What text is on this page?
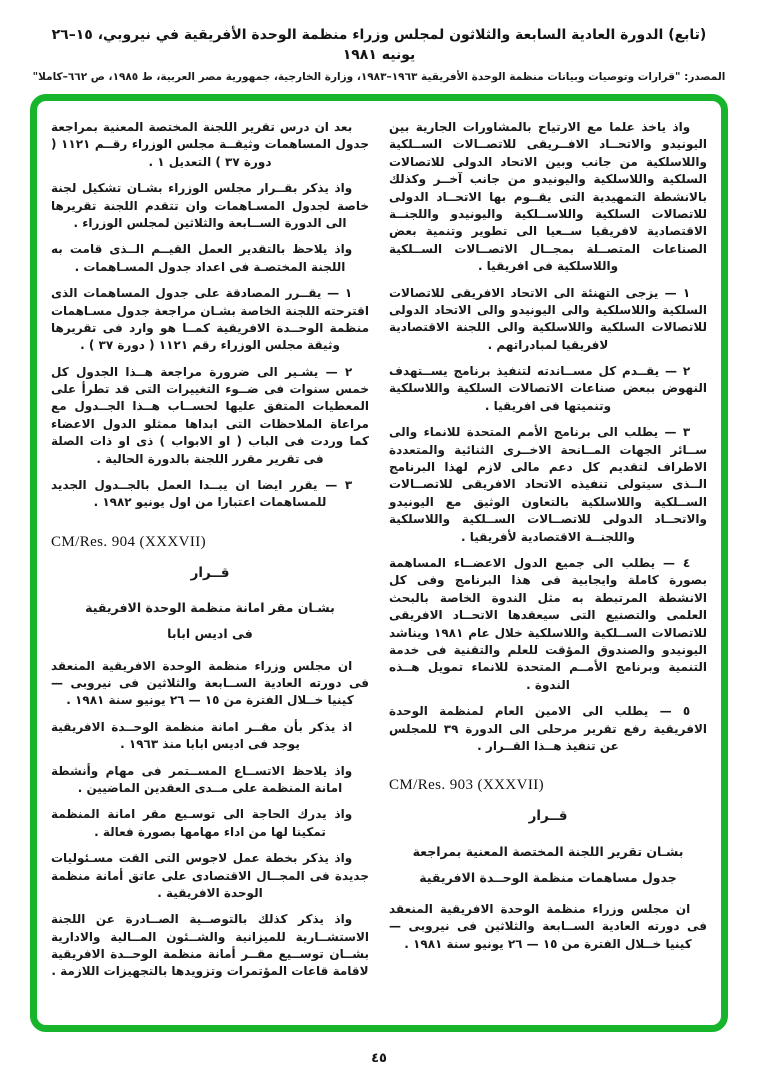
(تابع) الدورة العادية السابعة والثلاثون لمجلس وزراء منظمة الوحدة الأفريقية في نيروبي، ١٥–٢٦ يونيه ١٩٨١
المصدر: "قرارات وتوصيات وبيانات منظمة الوحدة الأفريقية ١٩٦٣–١٩٨٣، وزارة الخارجية، جمهورية مصر العربية، ط ١٩٨٥، ص ٦٦٢–كاملا"

واذ ياخذ علما مع الارتياح بالمشاورات الجارية بين اليونيدو والاتحــاد الافــريقى للاتصــالات الســلكية واللاسلكية من جانب وبين الاتحاد الدولى للاتصالات السلكية واللاسلكية واليونيدو من جانب آخــر وكذلك بالانشطة التمهيدية التى يقــوم بها الاتحــاد الدولى للاتصالات السلكية واللاســلكية واليونيدو واللجنــة الاقتصادية لافريقيا ســعيا الى تطوير وتنمية بعض الصناعات المتصــلة بمجــال الاتصــالات الســلكية واللاسلكية فى افريقيا .

١ — يزجى التهنئة الى الاتحاد الافريقى للاتصالات السلكية واللاسلكية والى اليونيدو والى الاتحاد الدولى للاتصالات السلكية واللاسلكية والى اللجنة الاقتصادية لافريقيا لمبادراتهم .

٢ — يقــدم كل مســاندته لتنفيذ برنامج يســتهدف النهوض ببعض صناعات الاتصالات السلكية واللاسلكية وتنميتها فى افريقيا .

٣ — يطلب الى برنامج الأمم المتحدة للانماء والى ســائر الجهات المــانحة الاخــرى الثنائية والمتعددة الاطراف لتقديم كل دعم مالى لازم لهذا البرنامج الــذى سيتولى تنفيذه الاتحاد الافريقى للاتصــالات الســلكية واللاسلكية بالتعاون الوثيق مع اليونيدو والاتحــاد الدولى للاتصــالات الســلكية واللاسلكية واللجنــة الاقتصادية لأفريقيا .

٤ — يطلب الى جميع الدول الاعضــاء المساهمة بصورة كاملة وايجابية فى هذا البرنامج وفى كل الانشطة المرتبطة به مثل الندوة الخاصة بالبحث العلمى والتصنيع التى سيعقدها الاتحــاد الافريقى للاتصالات الســلكية واللاسلكية خلال عام ١٩٨١ ويناشد اليونيدو والصندوق المؤقت للعلم والتقنية فى خدمة التنمية وبرنامج الأمــم المتحدة للانماء تمويل هــذه الندوة .

٥ — يطلب الى الامين العام لمنظمة الوحدة الافريقية رفع تقرير مرحلى الى الدورة ٣٩ للمجلس عن تنفيذ هــذا القــرار .

CM/Res. 903 (XXXVII)
قــرار
بشـان تقرير اللجنة المختصة المعنية بمراجعة
جدول مساهمات منظمة الوحــدة الافريقية

ان مجلس وزراء منظمة الوحدة الافريقية المنعقد فى دورته العادية الســابعة والثلاثين فى نيروبى — كينيا خــلال الفترة من ١٥ — ٢٦ يونيو سنة ١٩٨١ .

بعد ان درس تقرير اللجنة المختصة المعنية بمراجعة جدول المساهمات وثيقــة مجلس الوزراء رقــم ١١٢١ ( دورة ٣٧ ) التعديل ١ .

واذ يذكر بقــرار مجلس الوزراء بشـان تشكيل لجنة خاصة لجدول المسـاهمات وان تتقدم اللجنة تقريرها الى الدورة الســابعة والثلاثين لمجلس الوزراء .

واذ يلاحظ بالتقدير العمل القيــم الــذى قامت به اللجنة المختصـة فى اعداد جدول المسـاهمات .

١ — يقــرر المصادقة على جدول المساهمات الذى اقترحته اللجنة الخاصة بشـان مراجعة جدول مسـاهمات منظمة الوحــدة الافريقية كمــا هو وارد فى تقريرها وثيقة مجلس الوزراء رقم ١١٢١ ( دورة ٣٧ ) .

٢ — يشـير الى ضرورة مراجعة هــذا الجدول كل خمس سنوات فى ضــوء التغييرات التى قد تطرأ على المعطيات المتفق عليها لحســاب هــذا الجــدول مع مراعاة الملاحظات التى ابداها ممثلو الدول الاعضاء كما وردت فى الباب ( او الابواب ) ذى او ذات الصلة فى تقرير مقرر اللجنة بالدورة الحالية .

٣ — يقرر ايضا ان يبــدا العمل بالجــدول الجديد للمساهمات اعتبارا من اول يونيو ١٩٨٢ .

CM/Res. 904 (XXXVII)
قــرار
بشـان مقر امانة منظمة الوحدة الافريقية
فى اديس ابابا

ان مجلس وزراء منظمة الوحدة الافريقية المنعقد فى دورته العادية الســابعة والثلاثين فى نيروبى — كينيا خــلال الفترة من ١٥ — ٢٦ يونيو سنة ١٩٨١ .

اذ يذكر بأن مقــر امانة منظمة الوحــدة الافريقية يوجد فى اديس ابابا منذ ١٩٦٣ .

واذ يلاحظ الاتســاع المســتمر فى مهام وأنشطة امانة المنظمة على مــدى العقدين الماضيين .

واذ يدرك الحاجة الى توسـيع مقر امانة المنظمة تمكينا لها من اداء مهامها بصورة فعالة .

واذ يذكر بخطة عمل لاجوس التى القت مسـئوليات جديدة فى المجــال الاقتصادى على عاتق أمانة منظمة الوحدة الافريقية .

واذ يذكر كذلك بالتوصــية الصــادرة عن اللجنة الاستشــارية للميزانية والشــئون المــالية والادارية بشــان توســيع مقــر أمانة منظمة الوحــدة الافريقية لاقامة قاعات المؤتمرات وتزويدها بالتجهيزات اللازمة .

٤٥
